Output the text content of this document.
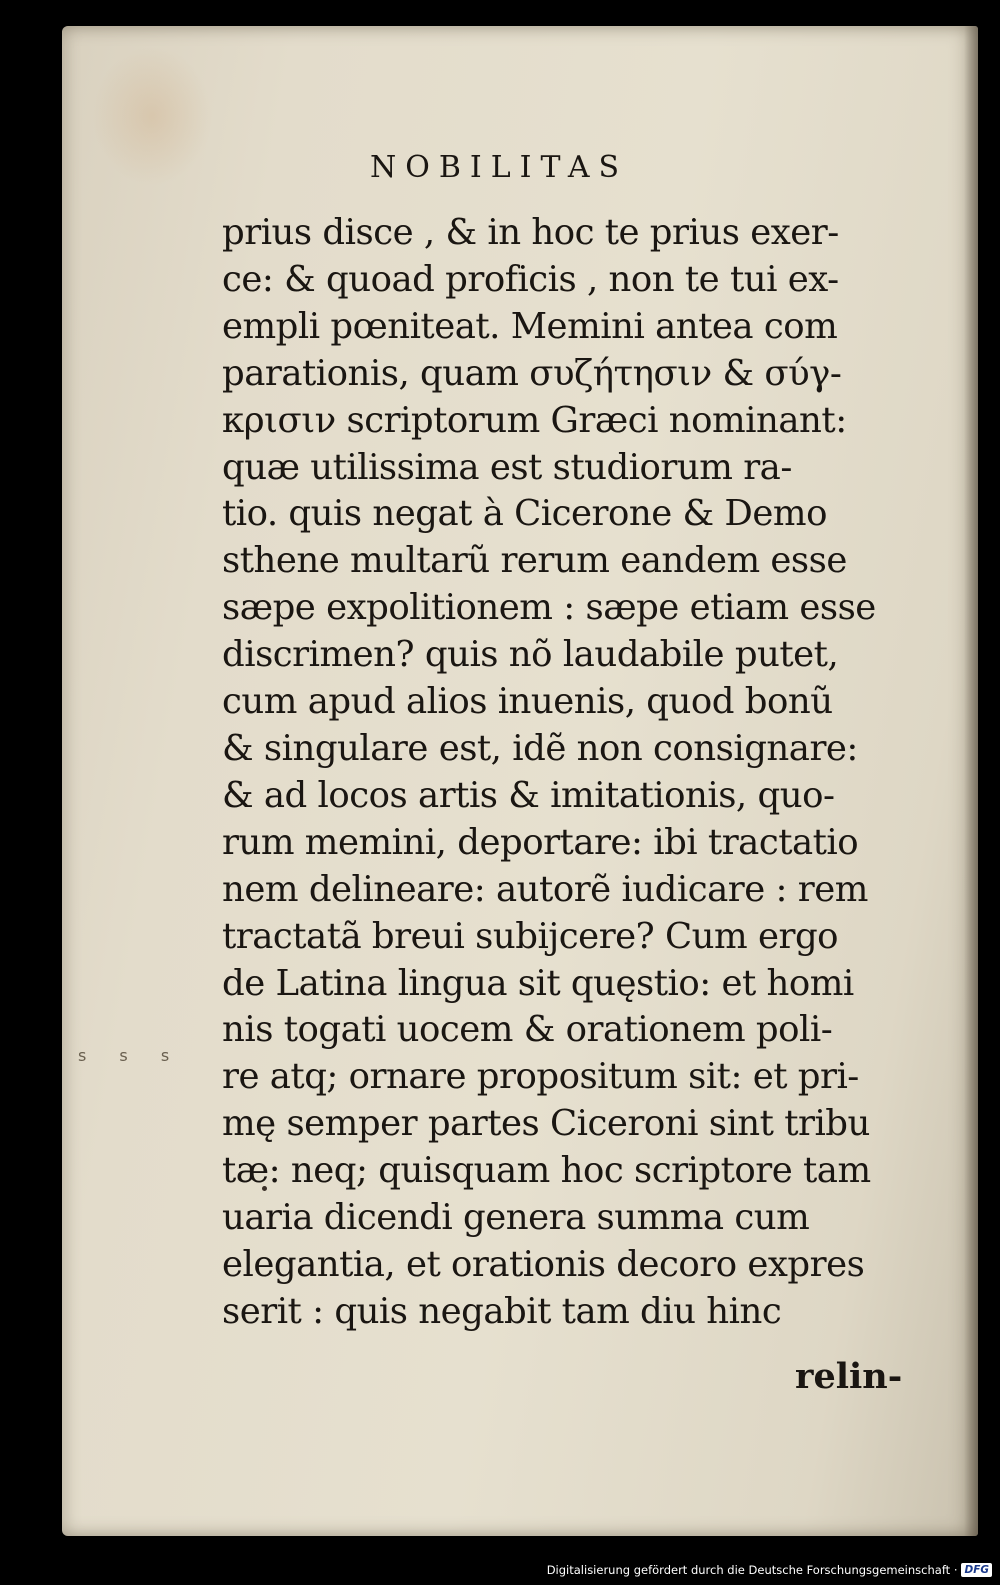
s s s
NOBILITAS
prius disce , & in hoc te prius exer-
ce: & quoad proficis , non te tui ex-
empli pœniteat. Memini antea com
parationis, quam συζήτησιν & σύγ-
κρισιν scriptorum Græci nominant:
quæ utilissima est studiorum ra-
tio. quis negat à Cicerone & Demo
sthene multarũ rerum eandem esse
sæpe expolitionem : sæpe etiam esse
discrimen? quis nõ laudabile putet,
cum apud alios inuenis, quod bonũ
& singulare est, idẽ non consignare:
& ad locos artis & imitationis, quo-
rum memini, deportare: ibi tractatio
nem delineare: autorẽ iudicare : rem
tractatã breui subijcere? Cum ergo
de Latina lingua sit quęstio: et homi
nis togati uocem & orationem poli-
re atq; ornare propositum sit: et pri-
mę semper partes Ciceroni sint tribu
tæ: neq; quisquam hoc scriptore tam
uaria dicendi genera summa cum
elegantia, et orationis decoro expres
serit : quis negabit tam diu hinc
relin-
Digitalisierung gefördert durch die Deutsche Forschungsgemeinschaft · DFG
